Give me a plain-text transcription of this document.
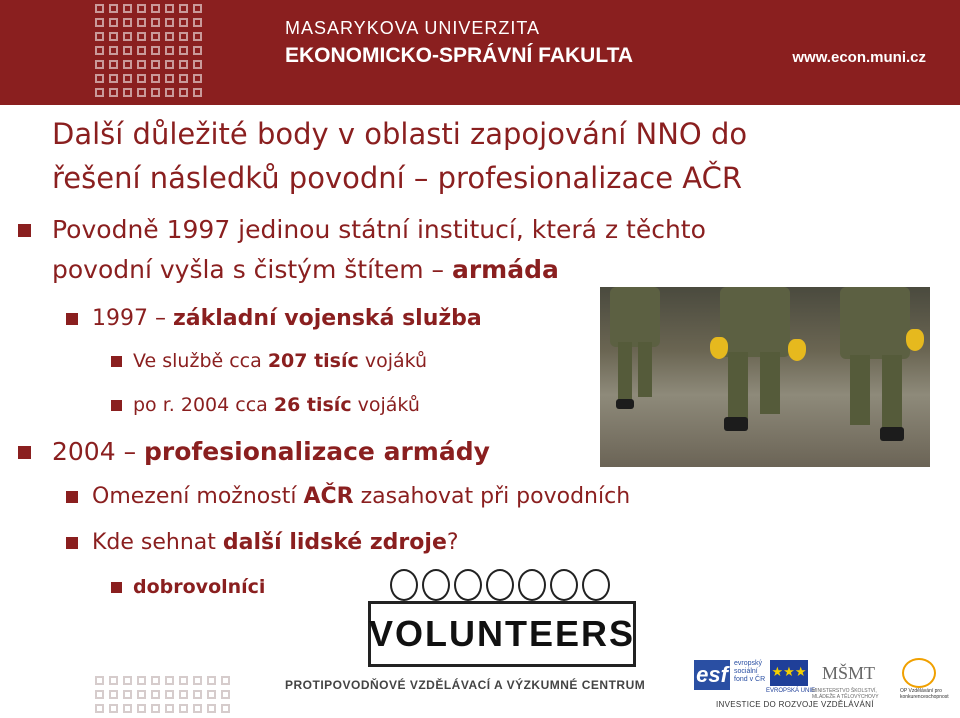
MASARYKOVA UNIVERZITA
EKONOMICKO-SPRÁVNÍ FAKULTA	www.econ.muni.cz
Další důležité body v oblasti zapojování NNO do
řešení následků povodní – profesionalizace AČR
Povodně 1997 jedinou státní institucí, která z těchto
povodní vyšla s čistým štítem – armáda
1997 – základní vojenská služba
Ve službě cca 207 tisíc vojáků
po r. 2004 cca 26 tisíc vojáků
2004 – profesionalizace armády
Omezení možností AČR zasahovat při povodních
Kde sehnat další lidské zdroje?
dobrovolníci
VOLUNTEERS
PROTIPOVODŇOVÉ VZDĚLÁVACÍ A VÝZKUMNÉ CENTRUM esf evropský sociální fond v ČR ★★★
EVROPSKÁ UNIE
MŠMT
MINISTERSTVO ŠKOLSTVÍ, MLÁDEŽE A TĚLOVÝCHOVY
OP Vzdělávání pro konkurenceschopnost
INVESTICE DO ROZVOJE VZDĚLÁVÁNÍ
